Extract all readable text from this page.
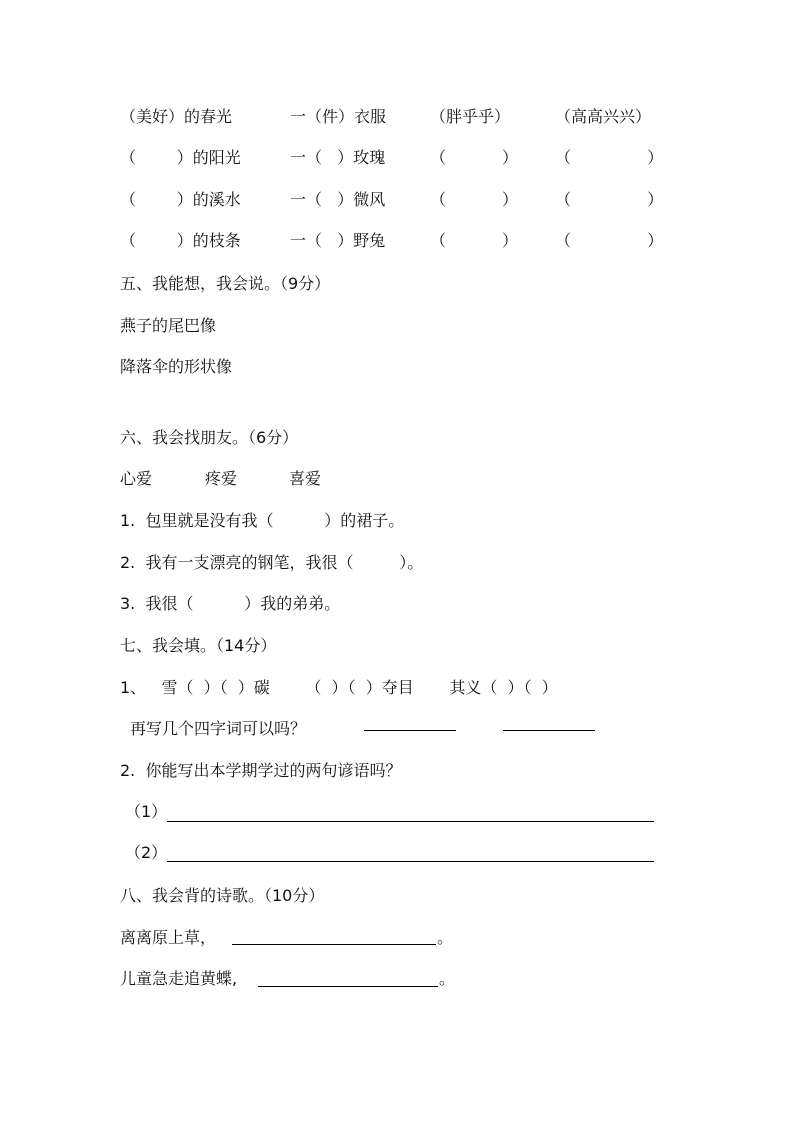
（美好）的春光	一（件）衣服	（胖乎乎）	（高高兴兴）
（        ）的阳光	一（   ）玫瑰	（           ） （               ）
（        ）的溪水	一（   ）微风	（           ） （               ）
（        ）的枝条	一（   ）野兔	（           ） （               ）
五、我能想，我会说。（9分）
燕子的尾巴像
降落伞的形状像
六、我会找朋友。（6分）
心爱	疼爱	喜爱
1.  包里就是没有我（          ）的裙子。
2.  我有一支漂亮的钢笔，我很（         ）。
3.  我很（          ）我的弟弟。
七、我会填。（14分）
1、   雪（  ）（  ）碳       （  ）（  ）夺目       其义（  ）（  ）
再写几个四字词可以吗？
2.  你能写出本学期学过的两句谚语吗？
（1）
（2）
八、我会背的诗歌。（10分）
离离原上草，	。
儿童急走追黄蝶,	。
